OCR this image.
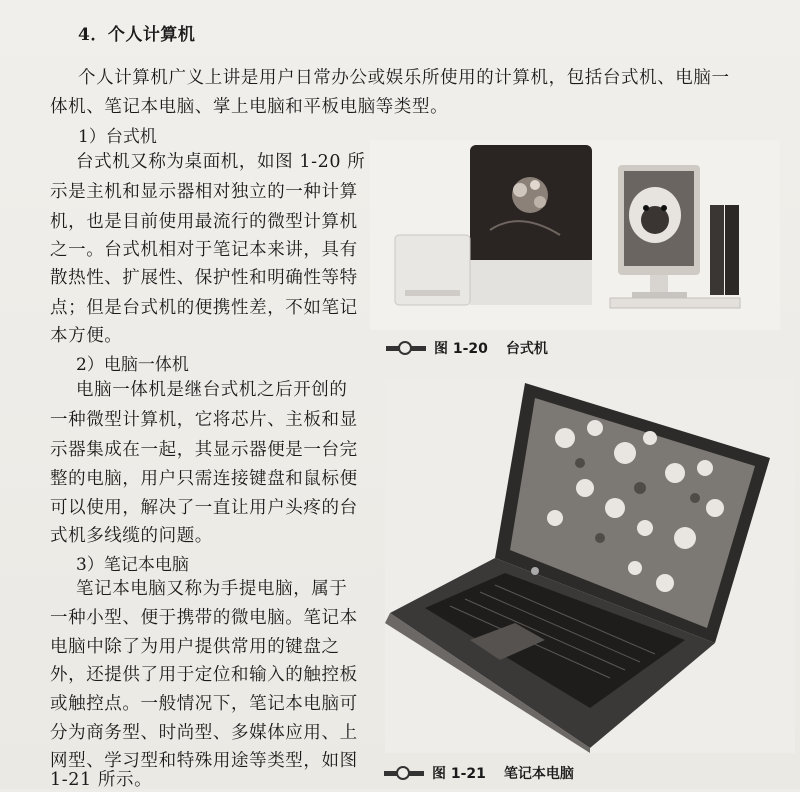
4．个人计算机
个人计算机广义上讲是用户日常办公或娱乐所使用的计算机，包括台式机、电脑一
体机、笔记本电脑、掌上电脑和平板电脑等类型。
1）台式机
台式机又称为桌面机，如图 1-20 所
示是主机和显示器相对独立的一种计算
机，也是目前使用最流行的微型计算机
之一。台式机相对于笔记本来讲，具有
散热性、扩展性、保护性和明确性等特
点；但是台式机的便携性差，不如笔记
本方便。
2）电脑一体机
电脑一体机是继台式机之后开创的
一种微型计算机，它将芯片、主板和显
示器集成在一起，其显示器便是一台完
整的电脑，用户只需连接键盘和鼠标便
可以使用，解决了一直让用户头疼的台
式机多线缆的问题。
3）笔记本电脑
笔记本电脑又称为手提电脑，属于
一种小型、便于携带的微电脑。笔记本
电脑中除了为用户提供常用的键盘之
外，还提供了用于定位和输入的触控板
或触控点。一般情况下，笔记本电脑可
分为商务型、时尚型、多媒体应用、上
网型、学习型和特殊用途等类型，如图
1-21 所示。
图 1-20 台式机
图 1-21 笔记本电脑
